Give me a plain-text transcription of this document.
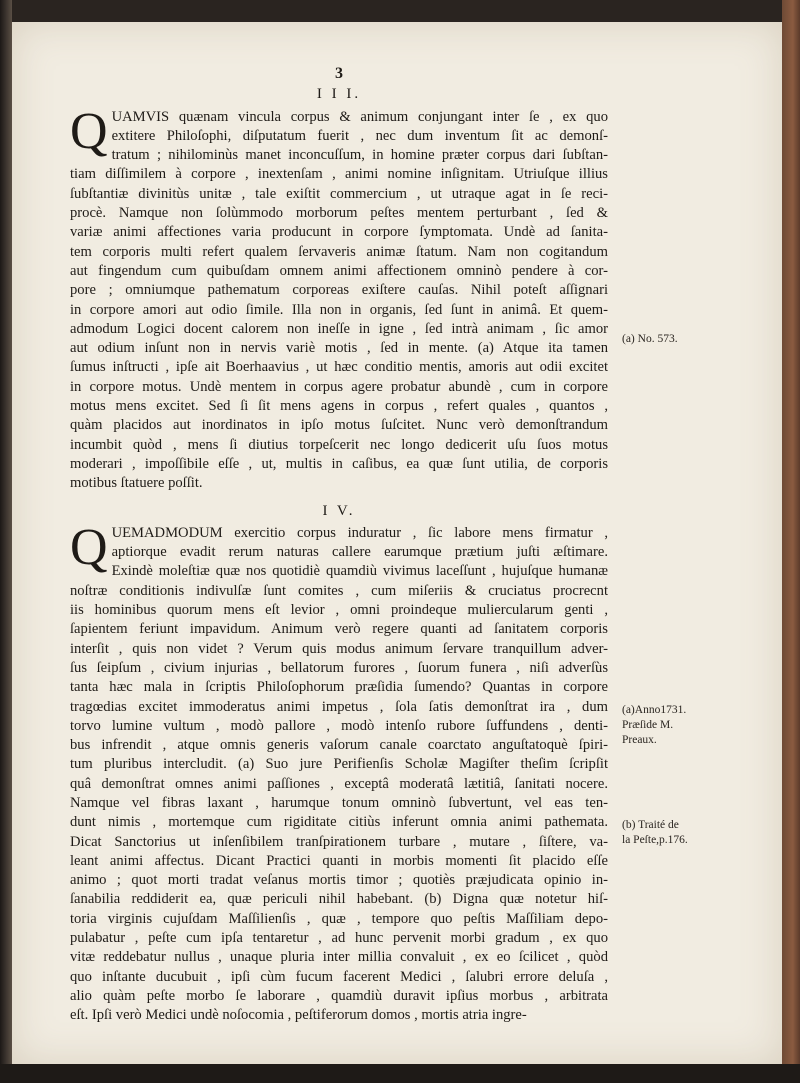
3
I I I.
Q UAMVIS quænam vincula corpus & animum conjungant inter ſe , ex quo
extitere Philoſophi, diſputatum fuerit , nec dum inventum ſit ac demonſ-
tratum ; nihilominùs manet inconcuſſum, in homine præter corpus dari ſubſtan-
tiam diſſimilem à corpore , inextenſam , animi nomine inſignitam. Utriuſque illius
ſubſtantiæ divinitùs unitæ , tale exiſtit commercium , ut utraque agat in ſe reci-
procè. Namque non ſolùmmodo morborum peſtes mentem perturbant , ſed &
variæ animi affectiones varia producunt in corpore ſymptomata. Undè ad ſanita-
tem corporis multi refert qualem ſervaveris animæ ſtatum. Nam non cogitandum
aut fingendum cum quibuſdam omnem animi affectionem omninò pendere à cor-
pore ; omniumque pathematum corporeas exiſtere cauſas. Nihil poteſt aſſignari
in corpore amori aut odio ſimile. Illa non in organis, ſed ſunt in animâ. Et quem-
admodum Logici docent calorem non ineſſe in igne , ſed intrà animam , ſic amor
aut odium inſunt non in nervis variè motis , ſed in mente. (a) Atque ita tamen
ſumus inſtructi , ipſe ait Boerhaavius , ut hæc conditio mentis, amoris aut odii excitet
in corpore motus. Undè mentem in corpus agere probatur abundè , cum in corpore
motus mens excitet. Sed ſi ſit mens agens in corpus , refert quales , quantos ,
quàm placidos aut inordinatos in ipſo motus ſuſcitet. Nunc verò demonſtrandum
incumbit quòd , mens ſi diutius torpeſcerit nec longo dedicerit uſu ſuos motus
moderari , impoſſibile eſſe , ut, multis in caſibus, ea quæ ſunt utilia, de corporis
motibus ſtatuere poſſit.
I V.
Q UEMADMODUM exercitio corpus induratur , ſic labore mens firmatur ,
aptiorque evadit rerum naturas callere earumque prætium juſti æſtimare.
Exindè moleſtiæ quæ nos quotidiè quamdiù vivimus laceſſunt , hujuſque humanæ
noſtræ conditionis indivulſæ ſunt comites , cum miſeriis & cruciatus procrecnt
iis hominibus quorum mens eſt levior , omni proindeque muliercularum genti ,
ſapientem feriunt impavidum. Animum verò regere quanti ad ſanitatem corporis
interſit , quis non videt ? Verum quis modus animum ſervare tranquillum adver-
ſus ſeipſum , civium injurias , bellatorum furores , ſuorum funera , niſi adverſùs
tanta hæc mala in ſcriptis Philoſophorum præſidia ſumendo? Quantas in corpore
tragœdias excitet immoderatus animi impetus , ſola ſatis demonſtrat ira , dum
torvo lumine vultum , modò pallore , modò intenſo rubore ſuffundens , denti-
bus infrendit , atque omnis generis vaſorum canale coarctato anguſtatoquè ſpiri-
tum pluribus intercludit. (a) Suo jure Perifienſis Scholæ Magiſter theſim ſcripſit
quâ demonſtrat omnes animi paſſiones , exceptâ moderatâ lætitiâ, ſanitati nocere.
Namque vel fibras laxant , harumque tonum omninò ſubvertunt, vel eas ten-
dunt nimis , mortemque cum rigiditate citiùs inferunt omnia animi pathemata.
Dicat Sanctorius ut inſenſibilem tranſpirationem turbare , mutare , ſiſtere, va-
leant animi affectus. Dicant Practici quanti in morbis momenti ſit placido eſſe
animo ; quot morti tradat veſanus mortis timor ; quotiès præjudicata opinio in-
ſanabilia reddiderit ea, quæ periculi nihil habebant. (b) Digna quæ notetur hiſ-
toria virginis cujuſdam Maſſilienſis , quæ , tempore quo peſtis Maſſiliam depo-
pulabatur , peſte cum ipſa tentaretur , ad hunc pervenit morbi gradum , ex quo
vitæ reddebatur nullus , unaque pluria inter millia convaluit , ex eo ſcilicet , quòd
quo inſtante ducubuit , ipſi cùm fucum facerent Medici , ſalubri errore deluſa ,
alio quàm peſte morbo ſe laborare , quamdiù duravit ipſius morbus , arbitrata
eſt. Ipſi verò Medici undè noſocomia , peſtiferorum domos , mortis atria ingre-
(a) No. 573.
(a)Anno1731.
Præſide M.
Preaux.
(b) Traité de
la Peſte,p.176.
